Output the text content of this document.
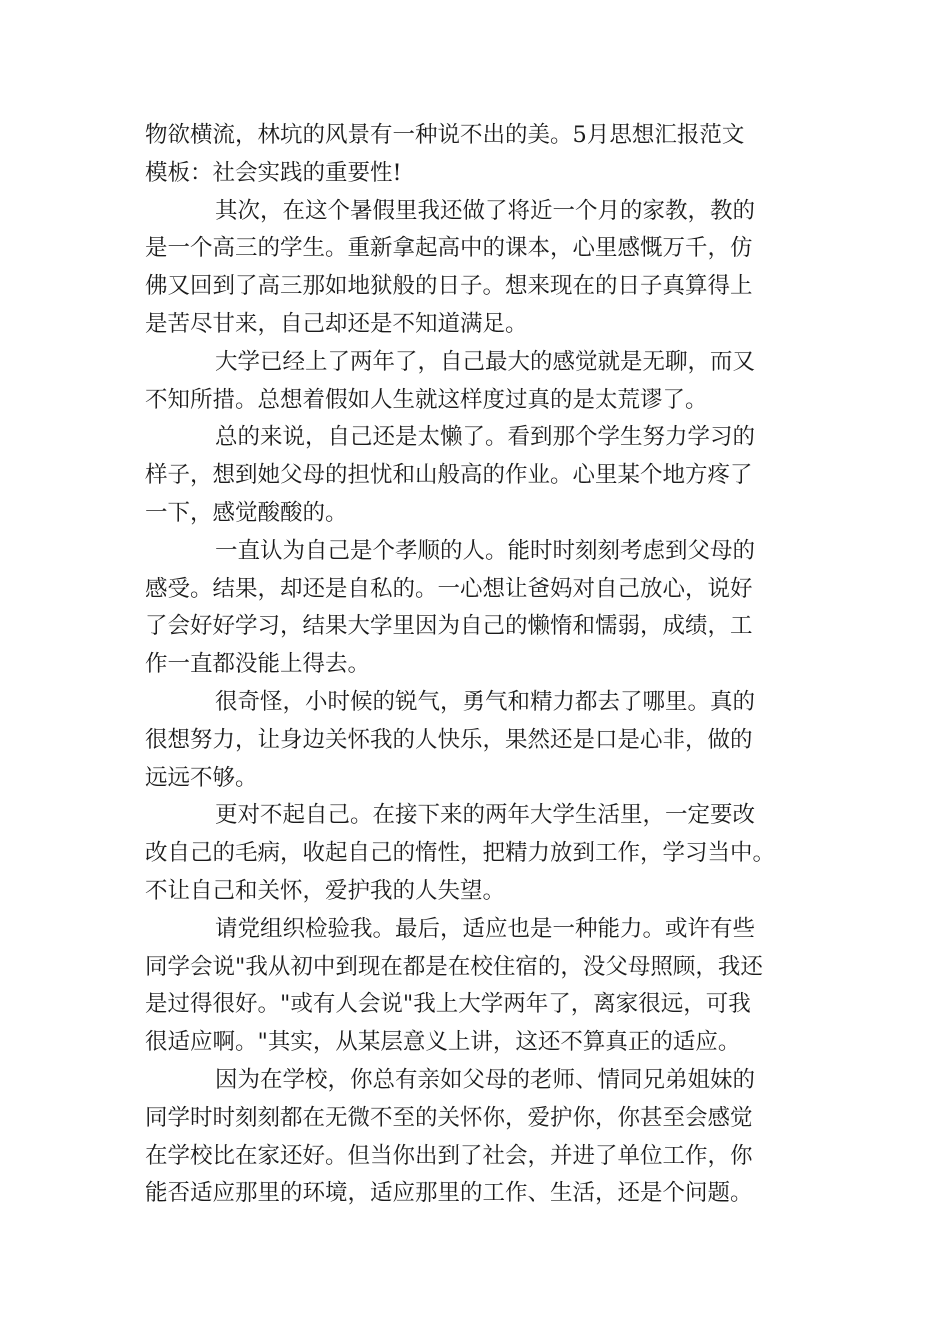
物欲横流，林坑的风景有一种说不出的美。5月思想汇报范文
模板：社会实践的重要性!
其次，在这个暑假里我还做了将近一个月的家教，教的
是一个高三的学生。重新拿起高中的课本，心里感慨万千，仿
佛又回到了高三那如地狱般的日子。想来现在的日子真算得上
是苦尽甘来，自己却还是不知道满足。
大学已经上了两年了，自己最大的感觉就是无聊，而又
不知所措。总想着假如人生就这样度过真的是太荒谬了。
总的来说，自己还是太懒了。看到那个学生努力学习的
样子，想到她父母的担忧和山般高的作业。心里某个地方疼了
一下，感觉酸酸的。
一直认为自己是个孝顺的人。能时时刻刻考虑到父母的
感受。结果，却还是自私的。一心想让爸妈对自己放心，说好
了会好好学习，结果大学里因为自己的懒惰和懦弱，成绩，工
作一直都没能上得去。
很奇怪，小时候的锐气，勇气和精力都去了哪里。真的
很想努力，让身边关怀我的人快乐，果然还是口是心非，做的
远远不够。
更对不起自己。在接下来的两年大学生活里，一定要改
改自己的毛病，收起自己的惰性，把精力放到工作，学习当中。
不让自己和关怀，爱护我的人失望。
请党组织检验我。最后，适应也是一种能力。或许有些
同学会说"我从初中到现在都是在校住宿的，没父母照顾，我还
是过得很好。"或有人会说"我上大学两年了，离家很远，可我
很适应啊。"其实，从某层意义上讲，这还不算真正的适应。
因为在学校，你总有亲如父母的老师、情同兄弟姐妹的
同学时时刻刻都在无微不至的关怀你，爱护你，你甚至会感觉
在学校比在家还好。但当你出到了社会，并进了单位工作，你
能否适应那里的环境，适应那里的工作、生活，还是个问题。
